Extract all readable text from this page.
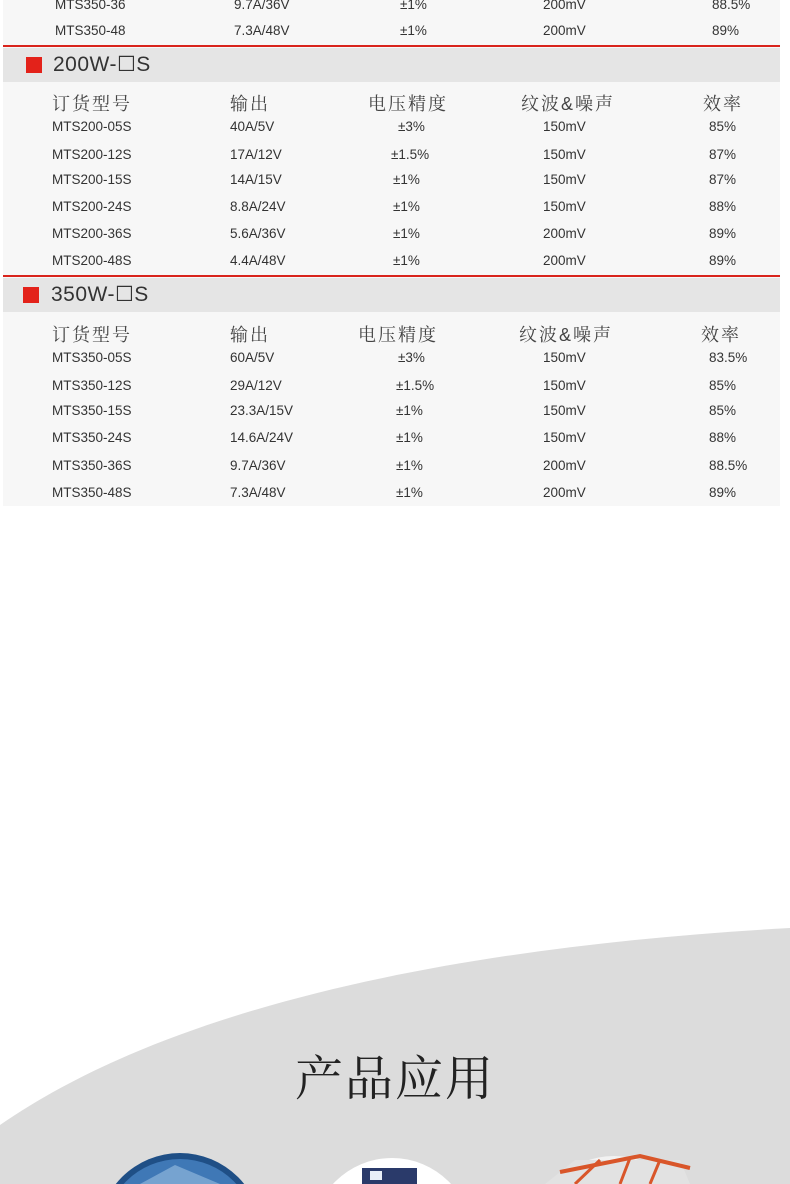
MTS350-36	9.7A/36V	±1%	200mV	88.5%
MTS350-48	7.3A/48V	±1%	200mV	89%
200W-☐S
订货型号	输出	电压精度	纹波&噪声	效率
MTS200-05S	40A/5V	±3%	150mV	85%
MTS200-12S	17A/12V	±1.5%	150mV	87%
MTS200-15S	14A/15V	±1%	150mV	87%
MTS200-24S	8.8A/24V	±1%	150mV	88%
MTS200-36S	5.6A/36V	±1%	200mV	89%
MTS200-48S	4.4A/48V	±1%	200mV	89%
350W-☐S
订货型号	输出	电压精度	纹波&噪声	效率
MTS350-05S	60A/5V	±3%	150mV	83.5%
MTS350-12S	29A/12V	±1.5%	150mV	85%
MTS350-15S	23.3A/15V	±1%	150mV	85%
MTS350-24S	14.6A/24V	±1%	150mV	88%
MTS350-36S	9.7A/36V	±1%	200mV	88.5%
MTS350-48S	7.3A/48V	±1%	200mV	89%
产品应用
